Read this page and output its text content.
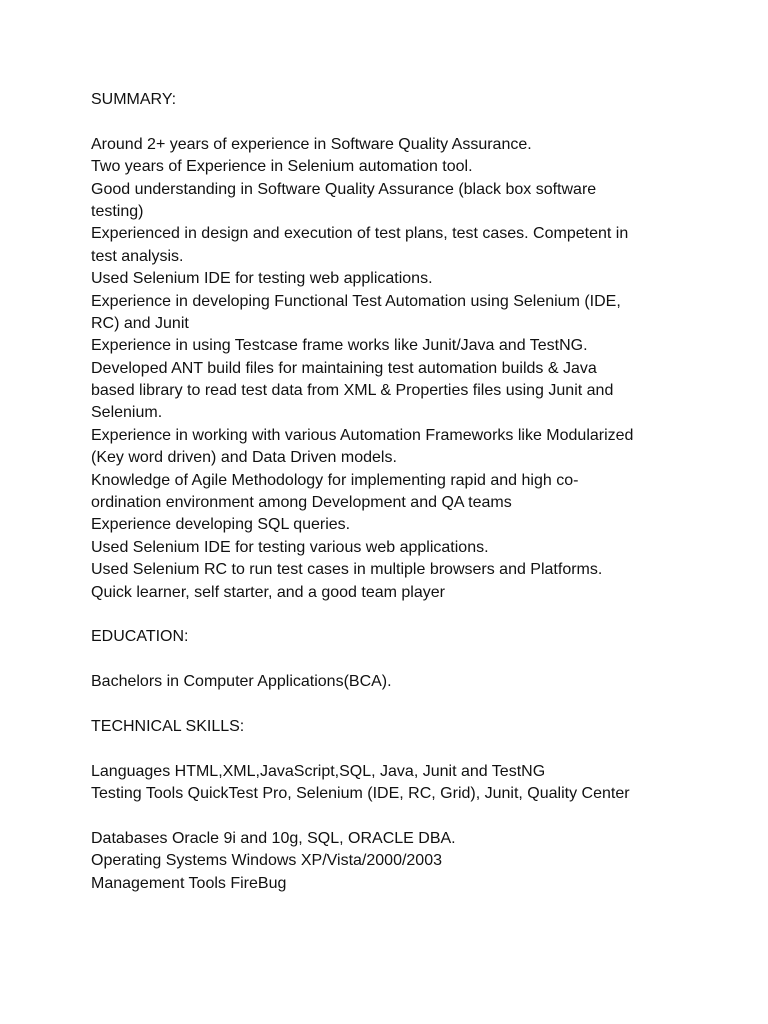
SUMMARY:
Around 2+ years of experience in Software Quality Assurance.
Two years of Experience in Selenium automation tool.
Good understanding in Software Quality Assurance (black box software
testing)
Experienced in design and execution of test plans, test cases. Competent in
test analysis.
Used Selenium IDE for testing web applications.
Experience in developing Functional Test Automation using Selenium (IDE,
RC) and Junit
Experience in using Testcase frame works like Junit/Java and TestNG.
Developed ANT build files for maintaining test automation builds & Java
based library to read test data from XML & Properties files using Junit and
Selenium.
Experience in working with various Automation Frameworks like Modularized
(Key word driven) and Data Driven models.
Knowledge of Agile Methodology for implementing rapid and high co-
ordination environment among Development and QA teams
Experience developing SQL queries.
Used Selenium IDE for testing various web applications.
Used Selenium RC to run test cases in multiple browsers and Platforms.
Quick learner, self starter, and a good team player
EDUCATION:
Bachelors in Computer Applications(BCA).
TECHNICAL SKILLS:
Languages HTML,XML,JavaScript,SQL, Java, Junit and TestNG
Testing Tools QuickTest Pro, Selenium (IDE, RC, Grid), Junit, Quality Center
Databases Oracle 9i and 10g, SQL, ORACLE DBA.
Operating Systems Windows XP/Vista/2000/2003
Management Tools FireBug
